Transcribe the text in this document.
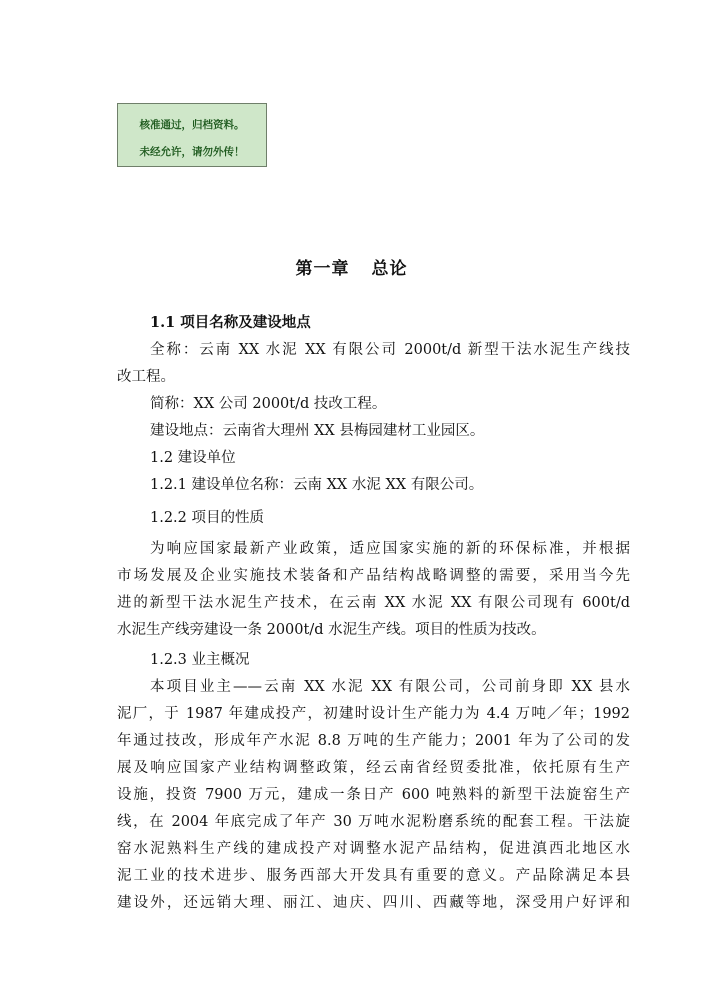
核准通过，归档资料。
未经允许，请勿外传！
第一章 总论
1.1 项目名称及建设地点
全称：云南 XX 水泥 XX 有限公司 2000t/d 新型干法水泥生产线技
改工程。
简称：XX 公司 2000t/d 技改工程。
建设地点：云南省大理州 XX 县梅园建材工业园区。
1.2 建设单位
1.2.1 建设单位名称：云南 XX 水泥 XX 有限公司。
1.2.2 项目的性质
为响应国家最新产业政策，适应国家实施的新的环保标准，并根据
市场发展及企业实施技术装备和产品结构战略调整的需要，采用当今先
进的新型干法水泥生产技术，在云南 XX 水泥 XX 有限公司现有 600t/d
水泥生产线旁建设一条 2000t/d 水泥生产线。项目的性质为技改。
1.2.3 业主概况
本项目业主——云南 XX 水泥 XX 有限公司，公司前身即 XX 县水
泥厂，于 1987 年建成投产，初建时设计生产能力为 4.4 万吨／年；1992
年通过技改，形成年产水泥 8.8 万吨的生产能力；2001 年为了公司的发
展及响应国家产业结构调整政策，经云南省经贸委批准，依托原有生产
设施，投资 7900 万元，建成一条日产 600 吨熟料的新型干法旋窑生产
线，在 2004 年底完成了年产 30 万吨水泥粉磨系统的配套工程。干法旋
窑水泥熟料生产线的建成投产对调整水泥产品结构，促进滇西北地区水
泥工业的技术进步、服务西部大开发具有重要的意义。产品除满足本县
建设外，还远销大理、丽江、迪庆、四川、西藏等地，深受用户好评和
